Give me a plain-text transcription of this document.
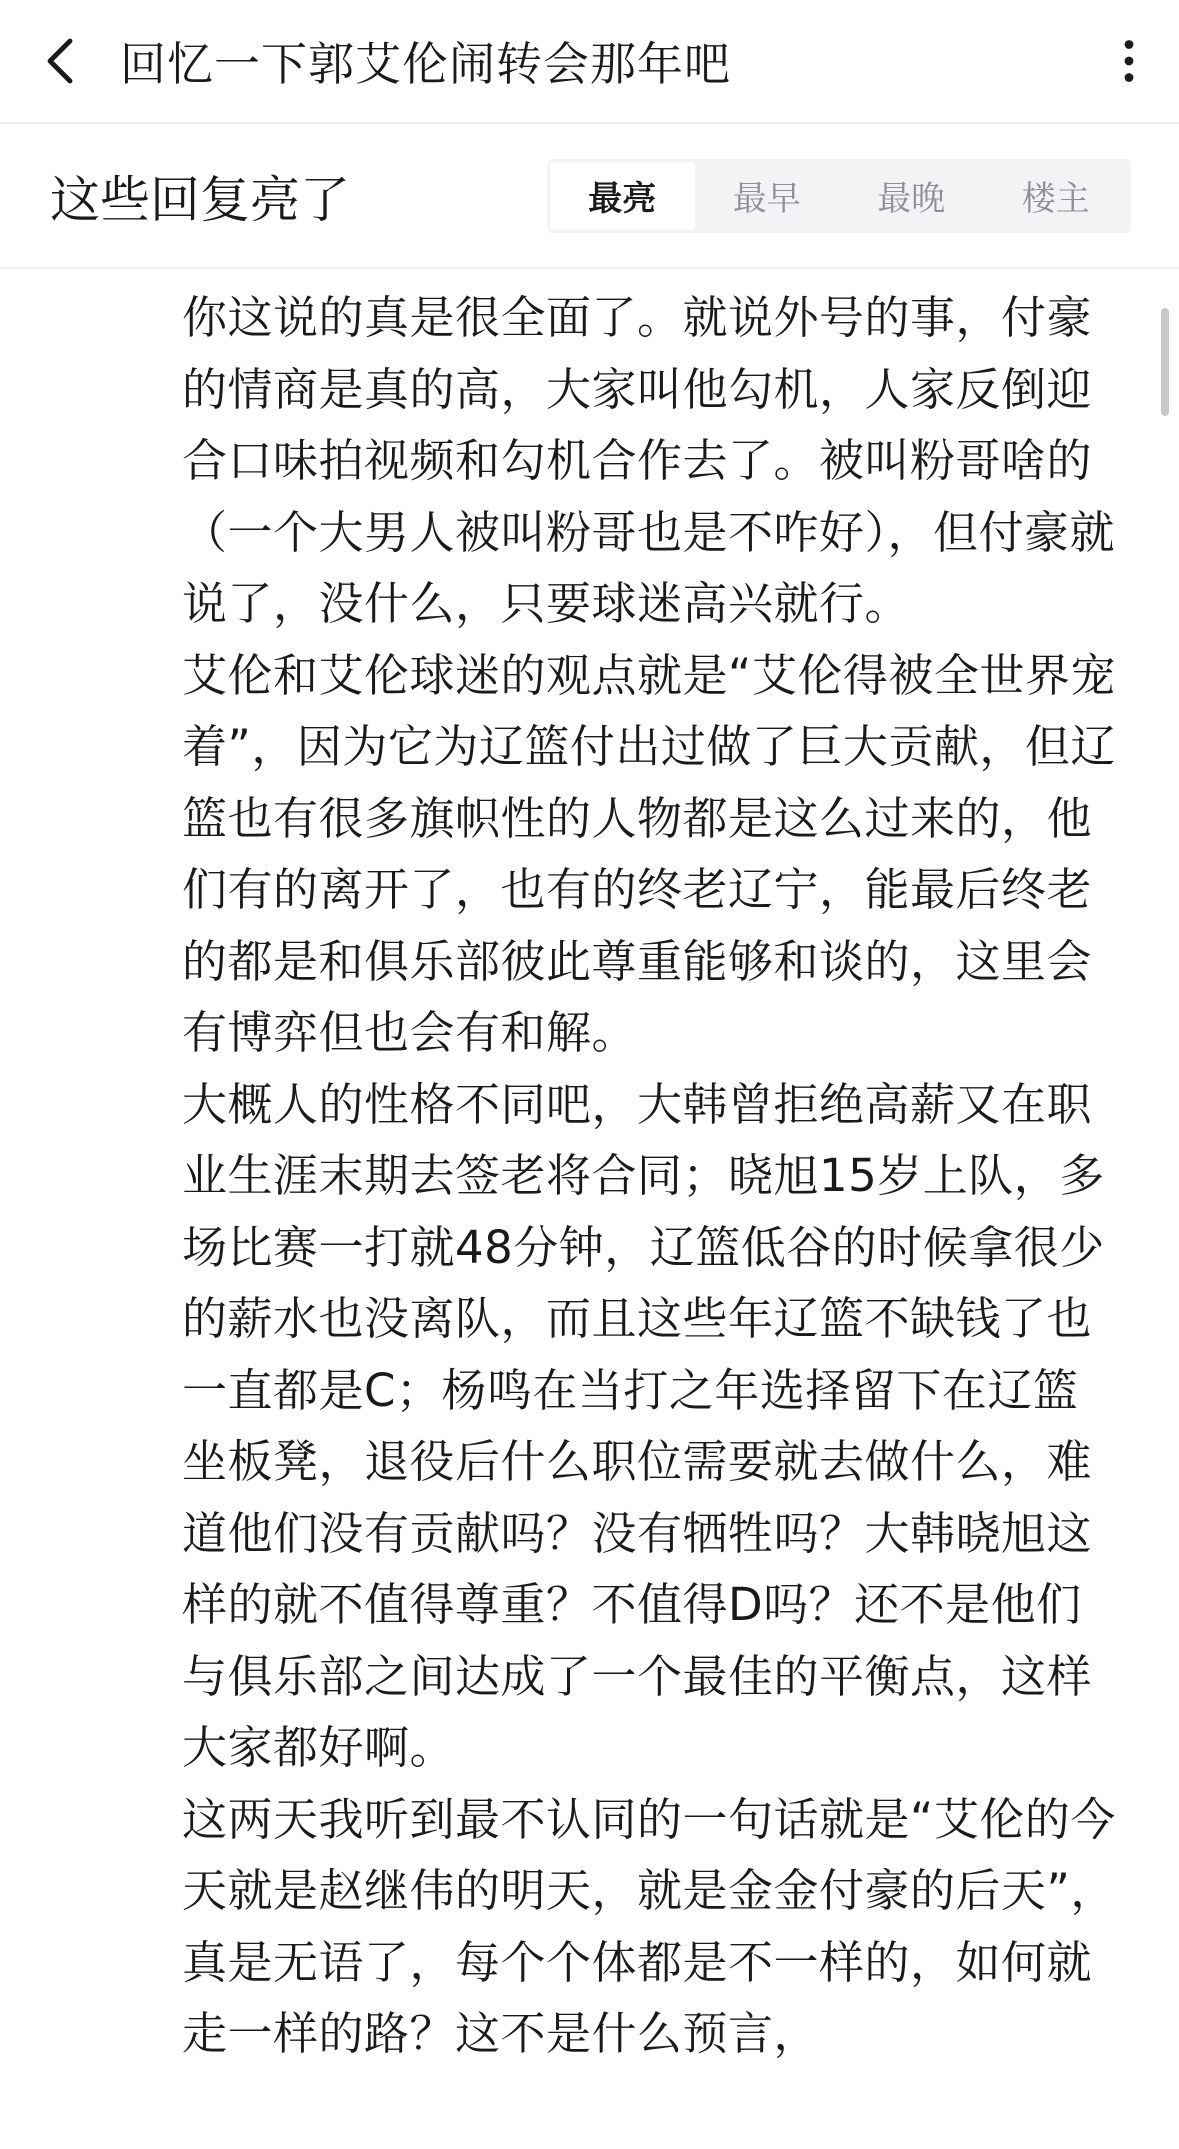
回忆一下郭艾伦闹转会那年吧
这些回复亮了	最亮	最早	最晚	楼主

你这说的真是很全面了。就说外号的事，付豪的情商是真的高，大家叫他勾机，人家反倒迎合口味拍视频和勾机合作去了。被叫粉哥啥的（一个大男人被叫粉哥也是不咋好），但付豪就说了，没什么，只要球迷高兴就行。

艾伦和艾伦球迷的观点就是“艾伦得被全世界宠着”，因为它为辽篮付出过做了巨大贡献，但辽篮也有很多旗帜性的人物都是这么过来的，他们有的离开了，也有的终老辽宁，能最后终老的都是和俱乐部彼此尊重能够和谈的，这里会有博弈但也会有和解。

大概人的性格不同吧，大韩曾拒绝高薪又在职业生涯末期去签老将合同；晓旭15岁上队，多场比赛一打就48分钟，辽篮低谷的时候拿很少的薪水也没离队，而且这些年辽篮不缺钱了也一直都是C；杨鸣在当打之年选择留下在辽篮坐板凳，退役后什么职位需要就去做什么，难道他们没有贡献吗？没有牺牲吗？大韩晓旭这样的就不值得尊重？不值得D吗？还不是他们与俱乐部之间达成了一个最佳的平衡点，这样大家都好啊。

这两天我听到最不认同的一句话就是“艾伦的今天就是赵继伟的明天，就是金金付豪的后天”，真是无语了，每个个体都是不一样的，如何就走一样的路？这不是什么预言，
